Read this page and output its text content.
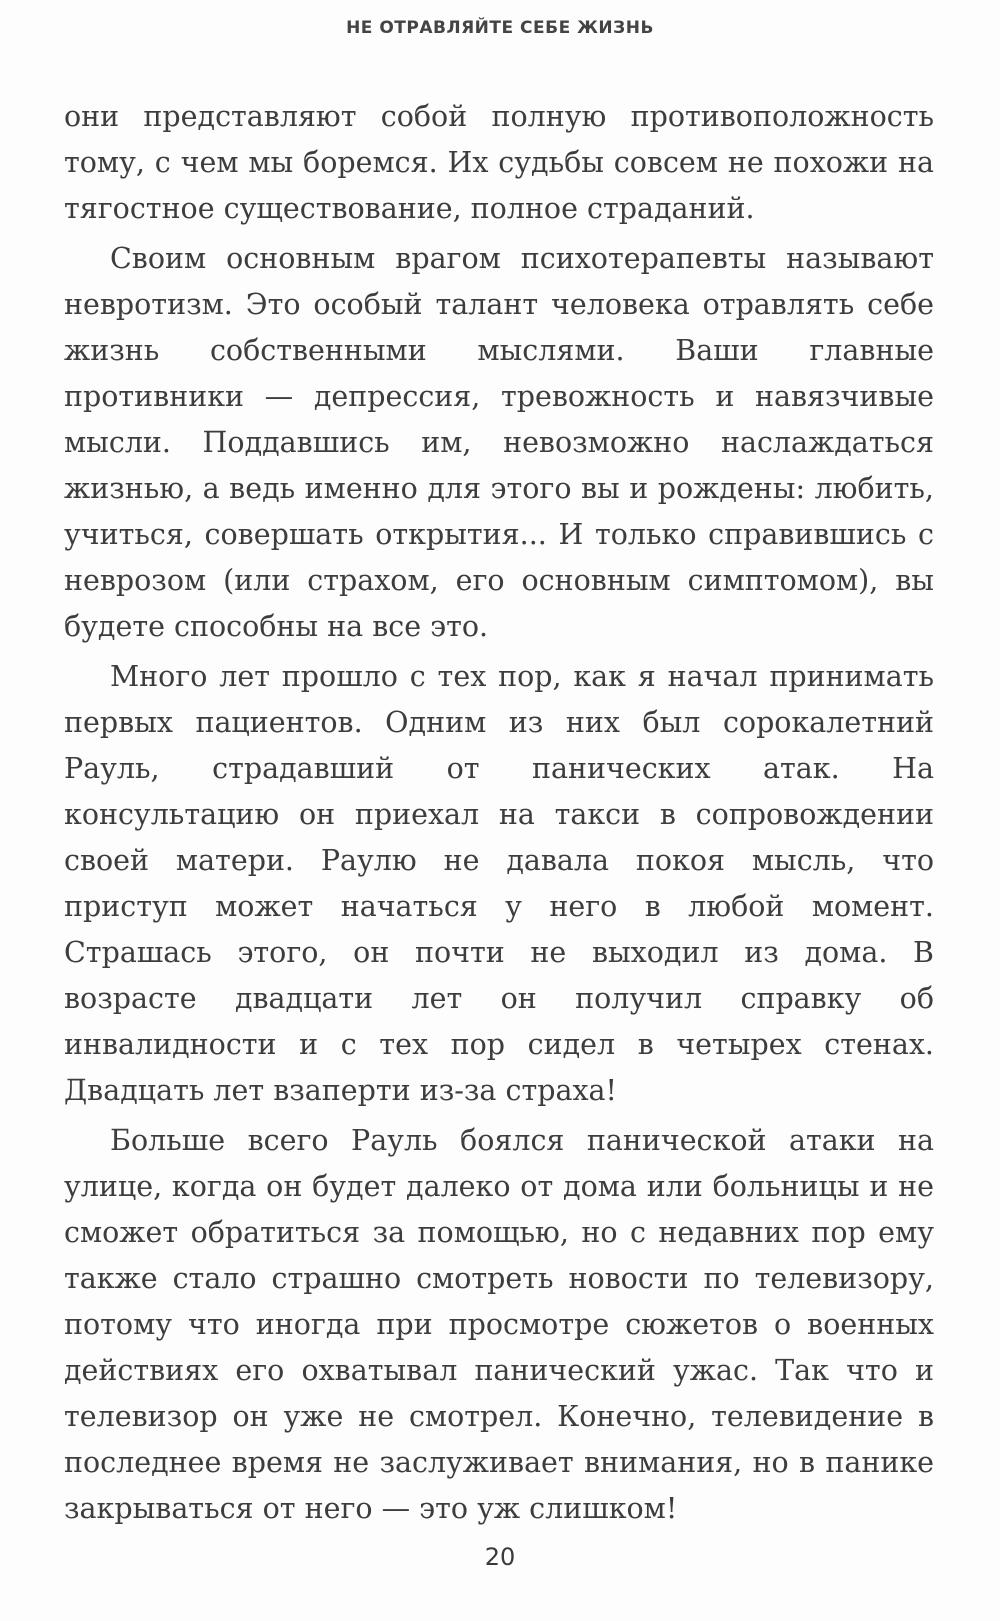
НЕ ОТРАВЛЯЙТЕ СЕБЕ ЖИЗНЬ

они представляют собой полную противоположность тому, с чем мы боремся. Их судьбы совсем не похожи на тягостное существование, полное страданий.

Своим основным врагом психотерапевты называют невротизм. Это особый талант человека отравлять себе жизнь собственными мыслями. Ваши главные противники — депрессия, тревожность и навязчивые мысли. Поддавшись им, невозможно наслаждаться жизнью, а ведь именно для этого вы и рождены: любить, учиться, совершать открытия... И только справившись с неврозом (или страхом, его основным симптомом), вы будете способны на все это.

Много лет прошло с тех пор, как я начал принимать первых пациентов. Одним из них был сорокалетний Рауль, страдавший от панических атак. На консультацию он приехал на такси в сопровождении своей матери. Раулю не давала покоя мысль, что приступ может начаться у него в любой момент. Страшась этого, он почти не выходил из дома. В возрасте двадцати лет он получил справку об инвалидности и с тех пор сидел в четырех стенах. Двадцать лет взаперти из-за страха!

Больше всего Рауль боялся панической атаки на улице, когда он будет далеко от дома или больницы и не сможет обратиться за помощью, но с недавних пор ему также стало страшно смотреть новости по телевизору, потому что иногда при просмотре сюжетов о военных действиях его охватывал панический ужас. Так что и телевизор он уже не смотрел. Конечно, телевидение в последнее время не заслуживает внимания, но в панике закрываться от него — это уж слишком!

20
